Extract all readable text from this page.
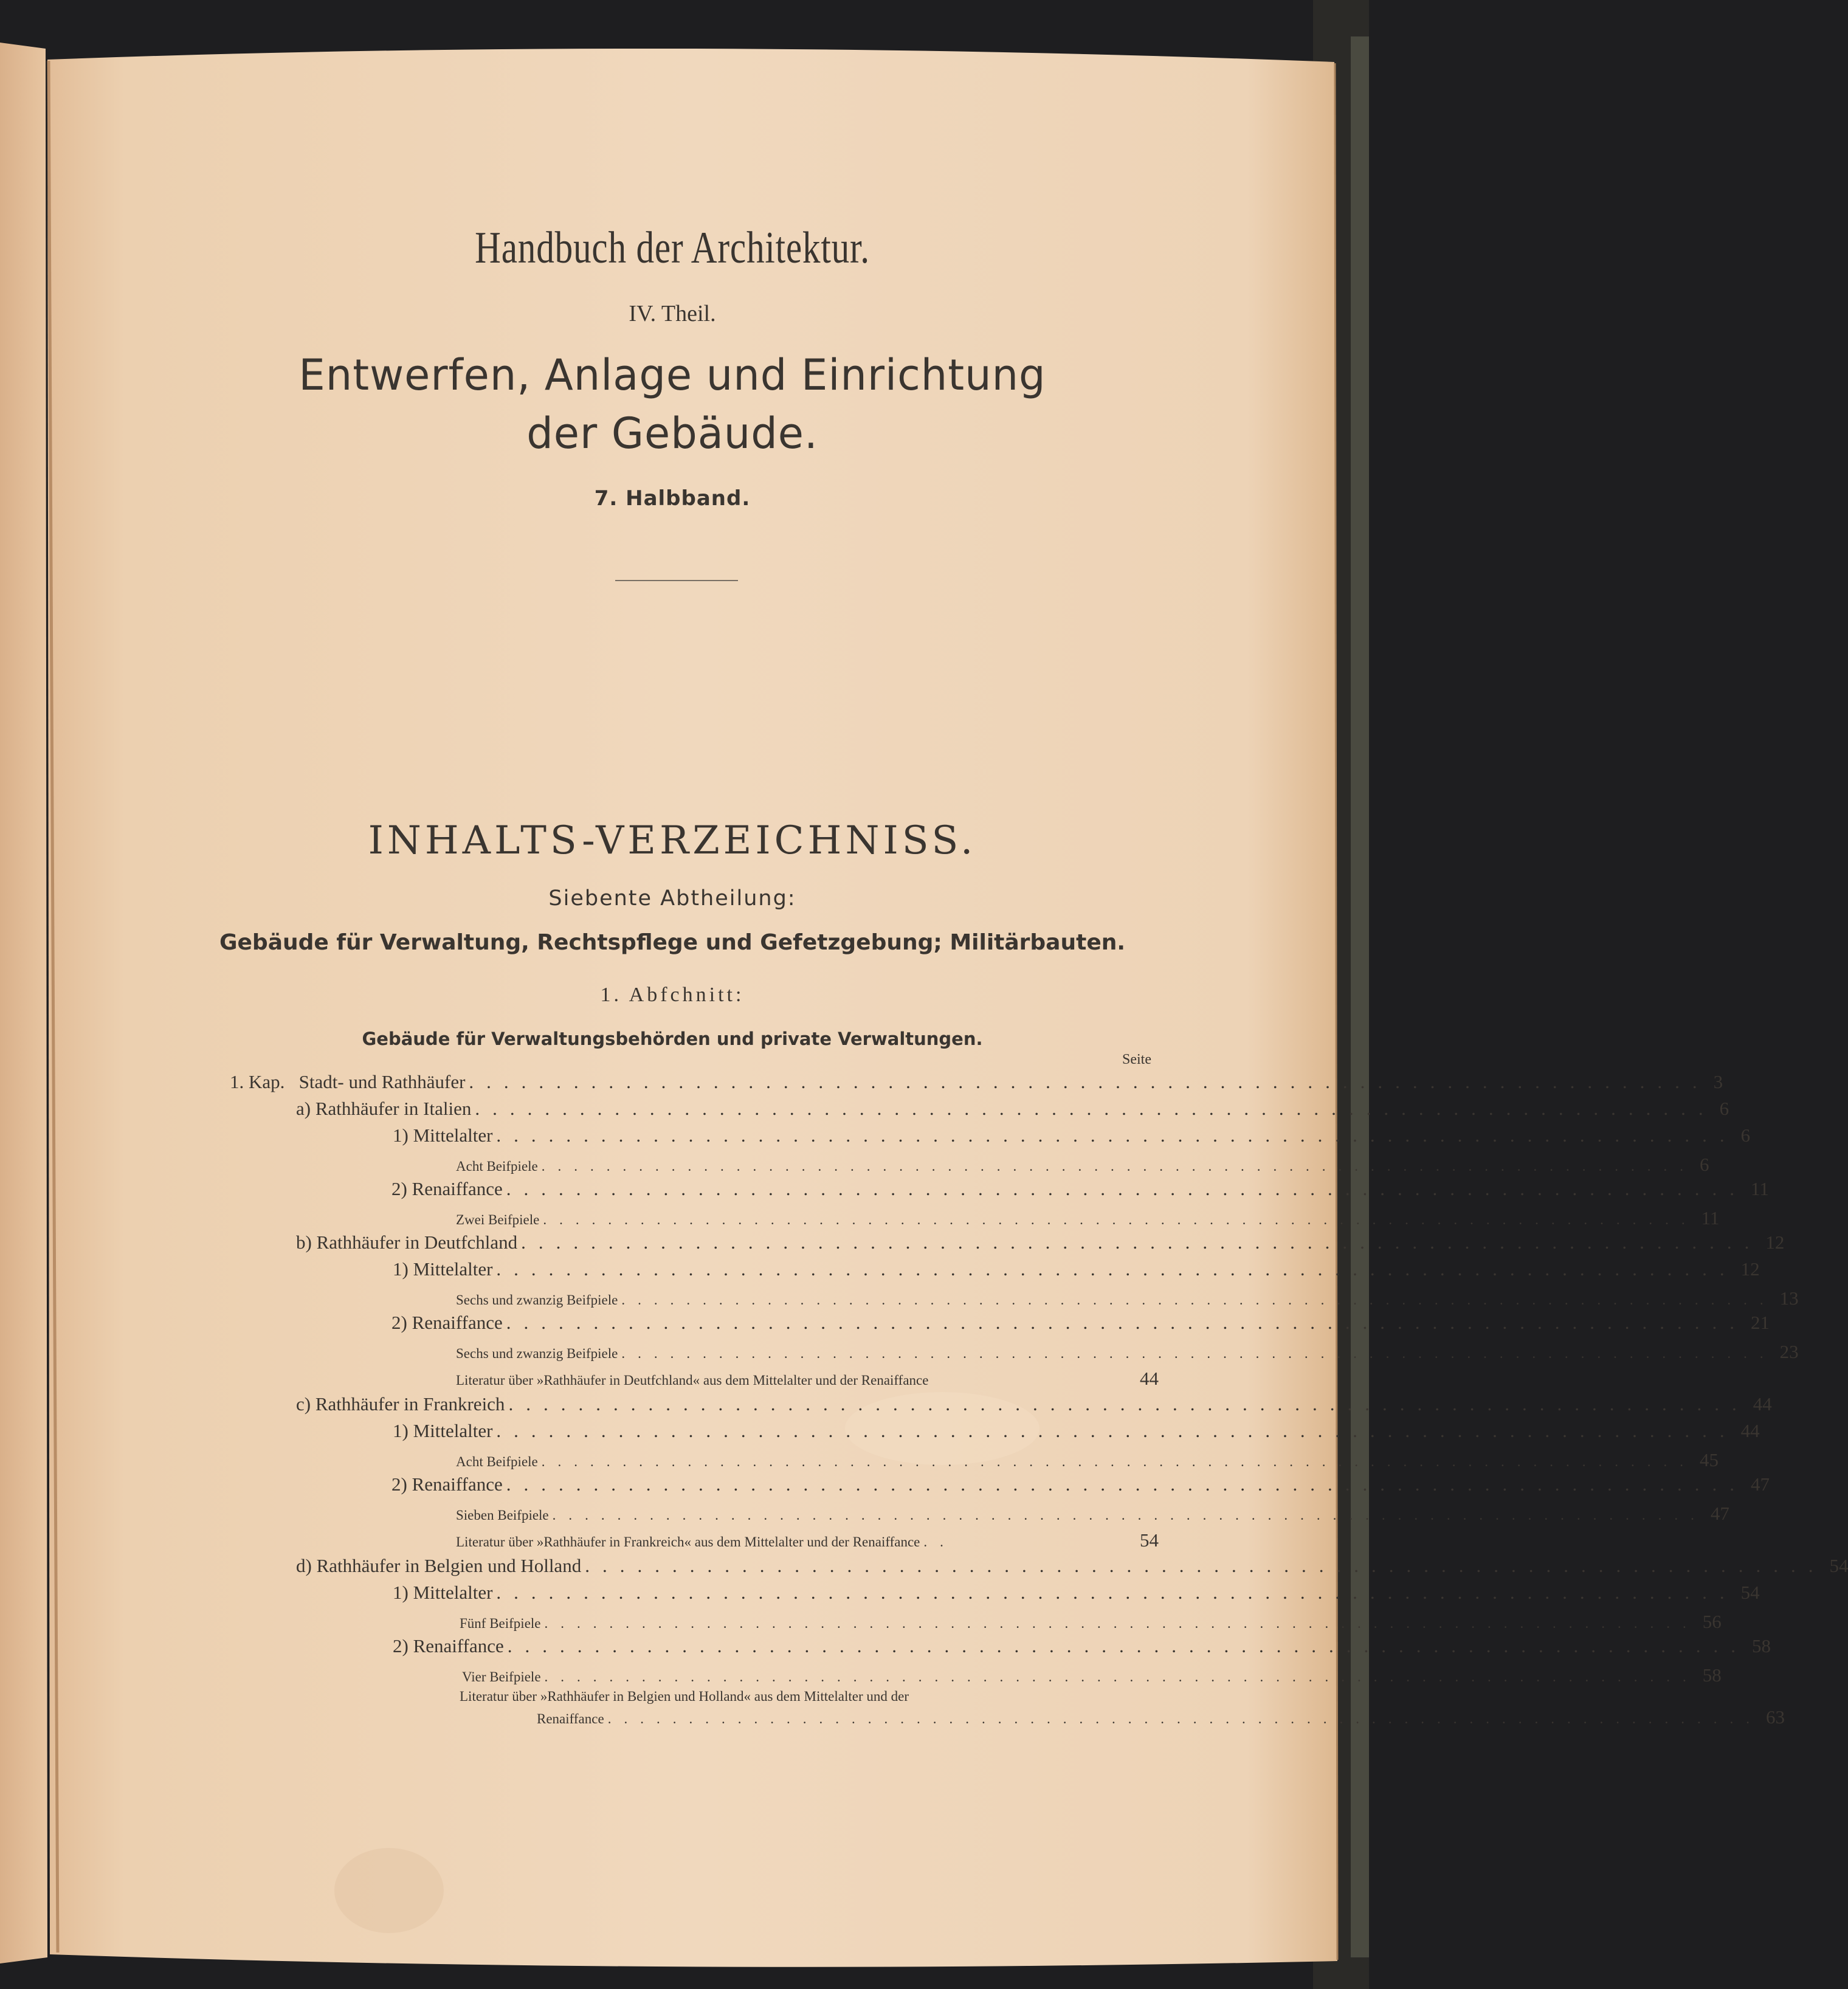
Handbuch der Architektur.
IV. Theil.
Entwerfen, Anlage und Einrichtung
der Gebäude.
7. Halbband.
INHALTS-VERZEICHNISS.
Siebente Abtheilung:
Gebäude für Verwaltung, Rechtspflege und Gefetzgebung; Militärbauten.
1. Abfchnitt:
Gebäude für Verwaltungsbehörden und private Verwaltungen.
Seite
1. Kap.   Stadt- und Rathhäufer ....................................................................... 3
a) Rathhäufer in Italien ....................................................................... 6
1) Mittelalter ....................................................................... 6
Acht Beifpiele ....................................................................... 6
2) Renaiffance ....................................................................... 11
Zwei Beifpiele ....................................................................... 11
b) Rathhäufer in Deutfchland ....................................................................... 12
1) Mittelalter ....................................................................... 12
Sechs und zwanzig Beifpiele ....................................................................... 13
2) Renaiffance ....................................................................... 21
Sechs und zwanzig Beifpiele ....................................................................... 23
Literatur über »Rathhäufer in Deutfchland« aus dem Mittelalter und der Renaiffance	44
c) Rathhäufer in Frankreich ....................................................................... 44
1) Mittelalter ....................................................................... 44
Acht Beifpiele ....................................................................... 45
2) Renaiffance ....................................................................... 47
Sieben Beifpiele ....................................................................... 47
Literatur über »Rathhäufer in Frankreich« aus dem Mittelalter und der Renaiffance ..	54
d) Rathhäufer in Belgien und Holland ....................................................................... 54
1) Mittelalter ....................................................................... 54
Fünf Beifpiele ....................................................................... 56
2) Renaiffance ....................................................................... 58
Vier Beifpiele ....................................................................... 58
Literatur über »Rathhäufer in Belgien und Holland« aus dem Mittelalter und der
Renaiffance ....................................................................... 63
